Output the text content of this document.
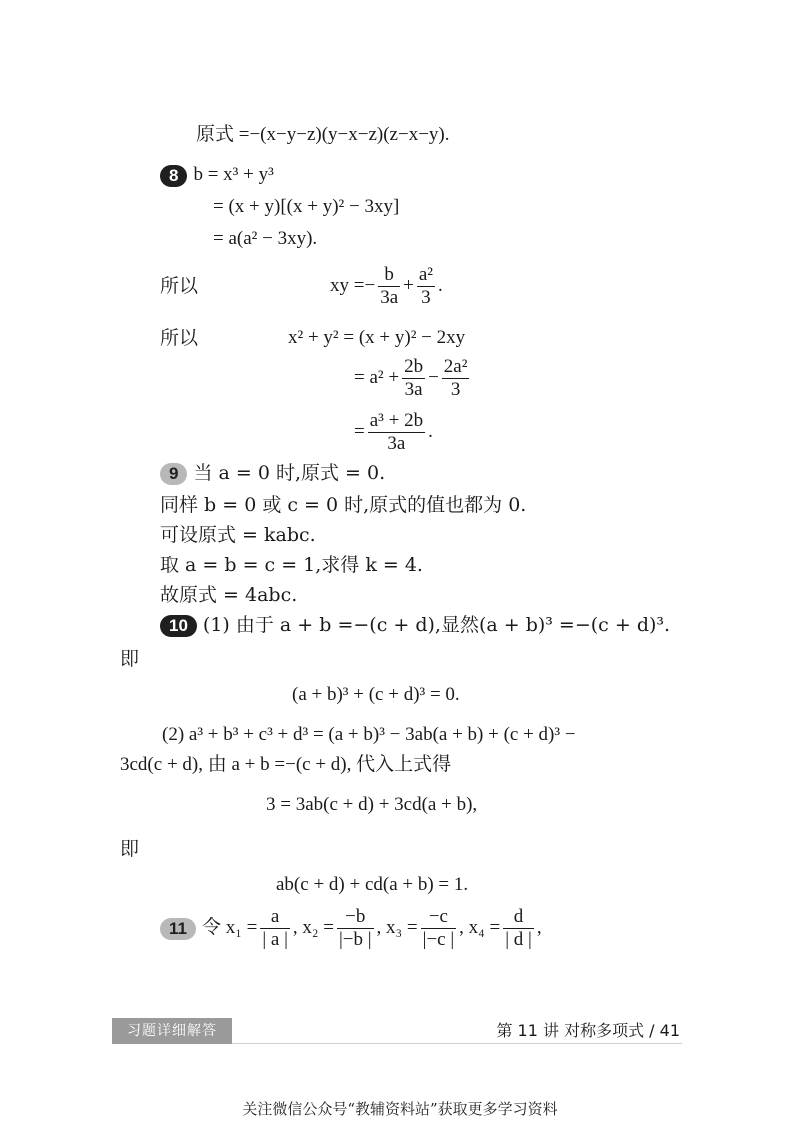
原式 =−(x−y−z)(y−x−z)(z−x−y).
8 b = x³ + y³
= (x + y)[(x + y)² − 3xy]
= a(a² − 3xy).
所以	xy =− $\frac{b}{3a} + \frac{\text{a²}}{3}$ .
所以	x² + y² = (x + y)² − 2xy
= $a^2 + \frac{2b}{3a} - \frac{\text{2a²}}{3}$
= $\frac{\text{a³ + 2b}}{3a}$ .
9 当 a = 0 时,原式 = 0.
同样 b = 0 或 c = 0 时,原式的值也都为 0.
可设原式 = kabc.
取 a = b = c = 1,求得 k = 4.
故原式 = 4abc.
10 (1) 由于 a + b =−(c + d),显然(a + b)³ =−(c + d)³.
即
(a + b)³ + (c + d)³ = 0.
(2) a³ + b³ + c³ + d³ = (a + b)³ − 3ab(a + b) + (c + d)³ −
3cd(c + d), 由 a + b =−(c + d), 代入上式得
3 = 3ab(c + d) + 3cd(a + b),
即
ab(c + d) + cd(a + b) = 1.
11 令 $x_1 = \frac{a}{| a |}$ , $x_2 = \frac{-b}{|-b |}$ , $x_3 = \frac{-c}{|-c |}$ , $x_4 = \frac{d}{| d |}$ ,
习题详细解答	第 11 讲 对称多项式 / 41
关注微信公众号“教辅资料站”获取更多学习资料
